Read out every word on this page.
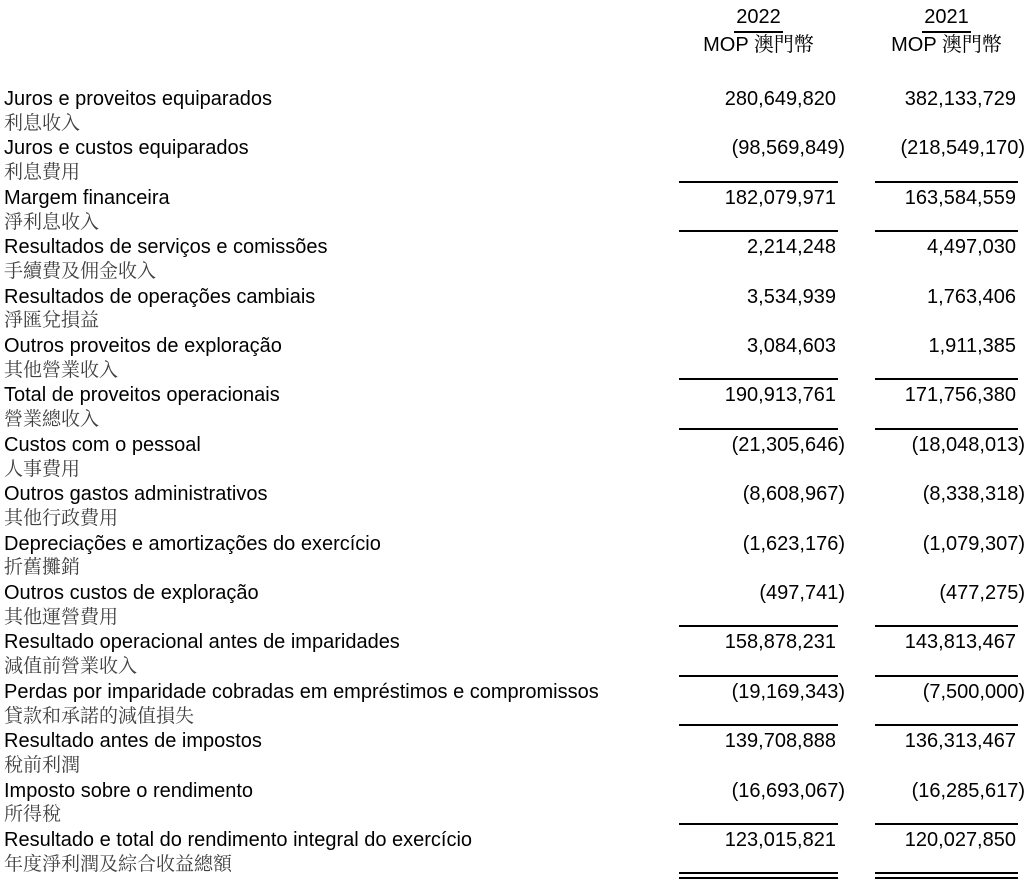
2022
MOP 澳門幣
2021
MOP 澳門幣
Juros e proveitos equiparados
利息收入
280,649,820	382,133,729
Juros e custos equiparados
利息費用
(98,569,849)	(218,549,170)
Margem financeira
淨利息收入
182,079,971	163,584,559
Resultados de serviços e comissões
手續費及佣金收入
2,214,248	4,497,030
Resultados de operações cambiais
淨匯兌損益
3,534,939	1,763,406
Outros proveitos de exploração
其他營業收入
3,084,603	1,911,385
Total de proveitos operacionais
營業總收入
190,913,761	171,756,380
Custos com o pessoal
人事費用
(21,305,646)	(18,048,013)
Outros gastos administrativos
其他行政費用
(8,608,967)	(8,338,318)
Depreciações e amortizações do exercício
折舊攤銷
(1,623,176)	(1,079,307)
Outros custos de exploração
其他運營費用
(497,741)	(477,275)
Resultado operacional antes de imparidades
減值前營業收入
158,878,231	143,813,467
Perdas por imparidade cobradas em empréstimos e compromissos
貸款和承諾的減值損失
(19,169,343)	(7,500,000)
Resultado antes de impostos
稅前利潤
139,708,888	136,313,467
Imposto sobre o rendimento
所得稅
(16,693,067)	(16,285,617)
Resultado e total do rendimento integral do exercício
年度淨利潤及綜合收益總額
123,015,821	120,027,850
